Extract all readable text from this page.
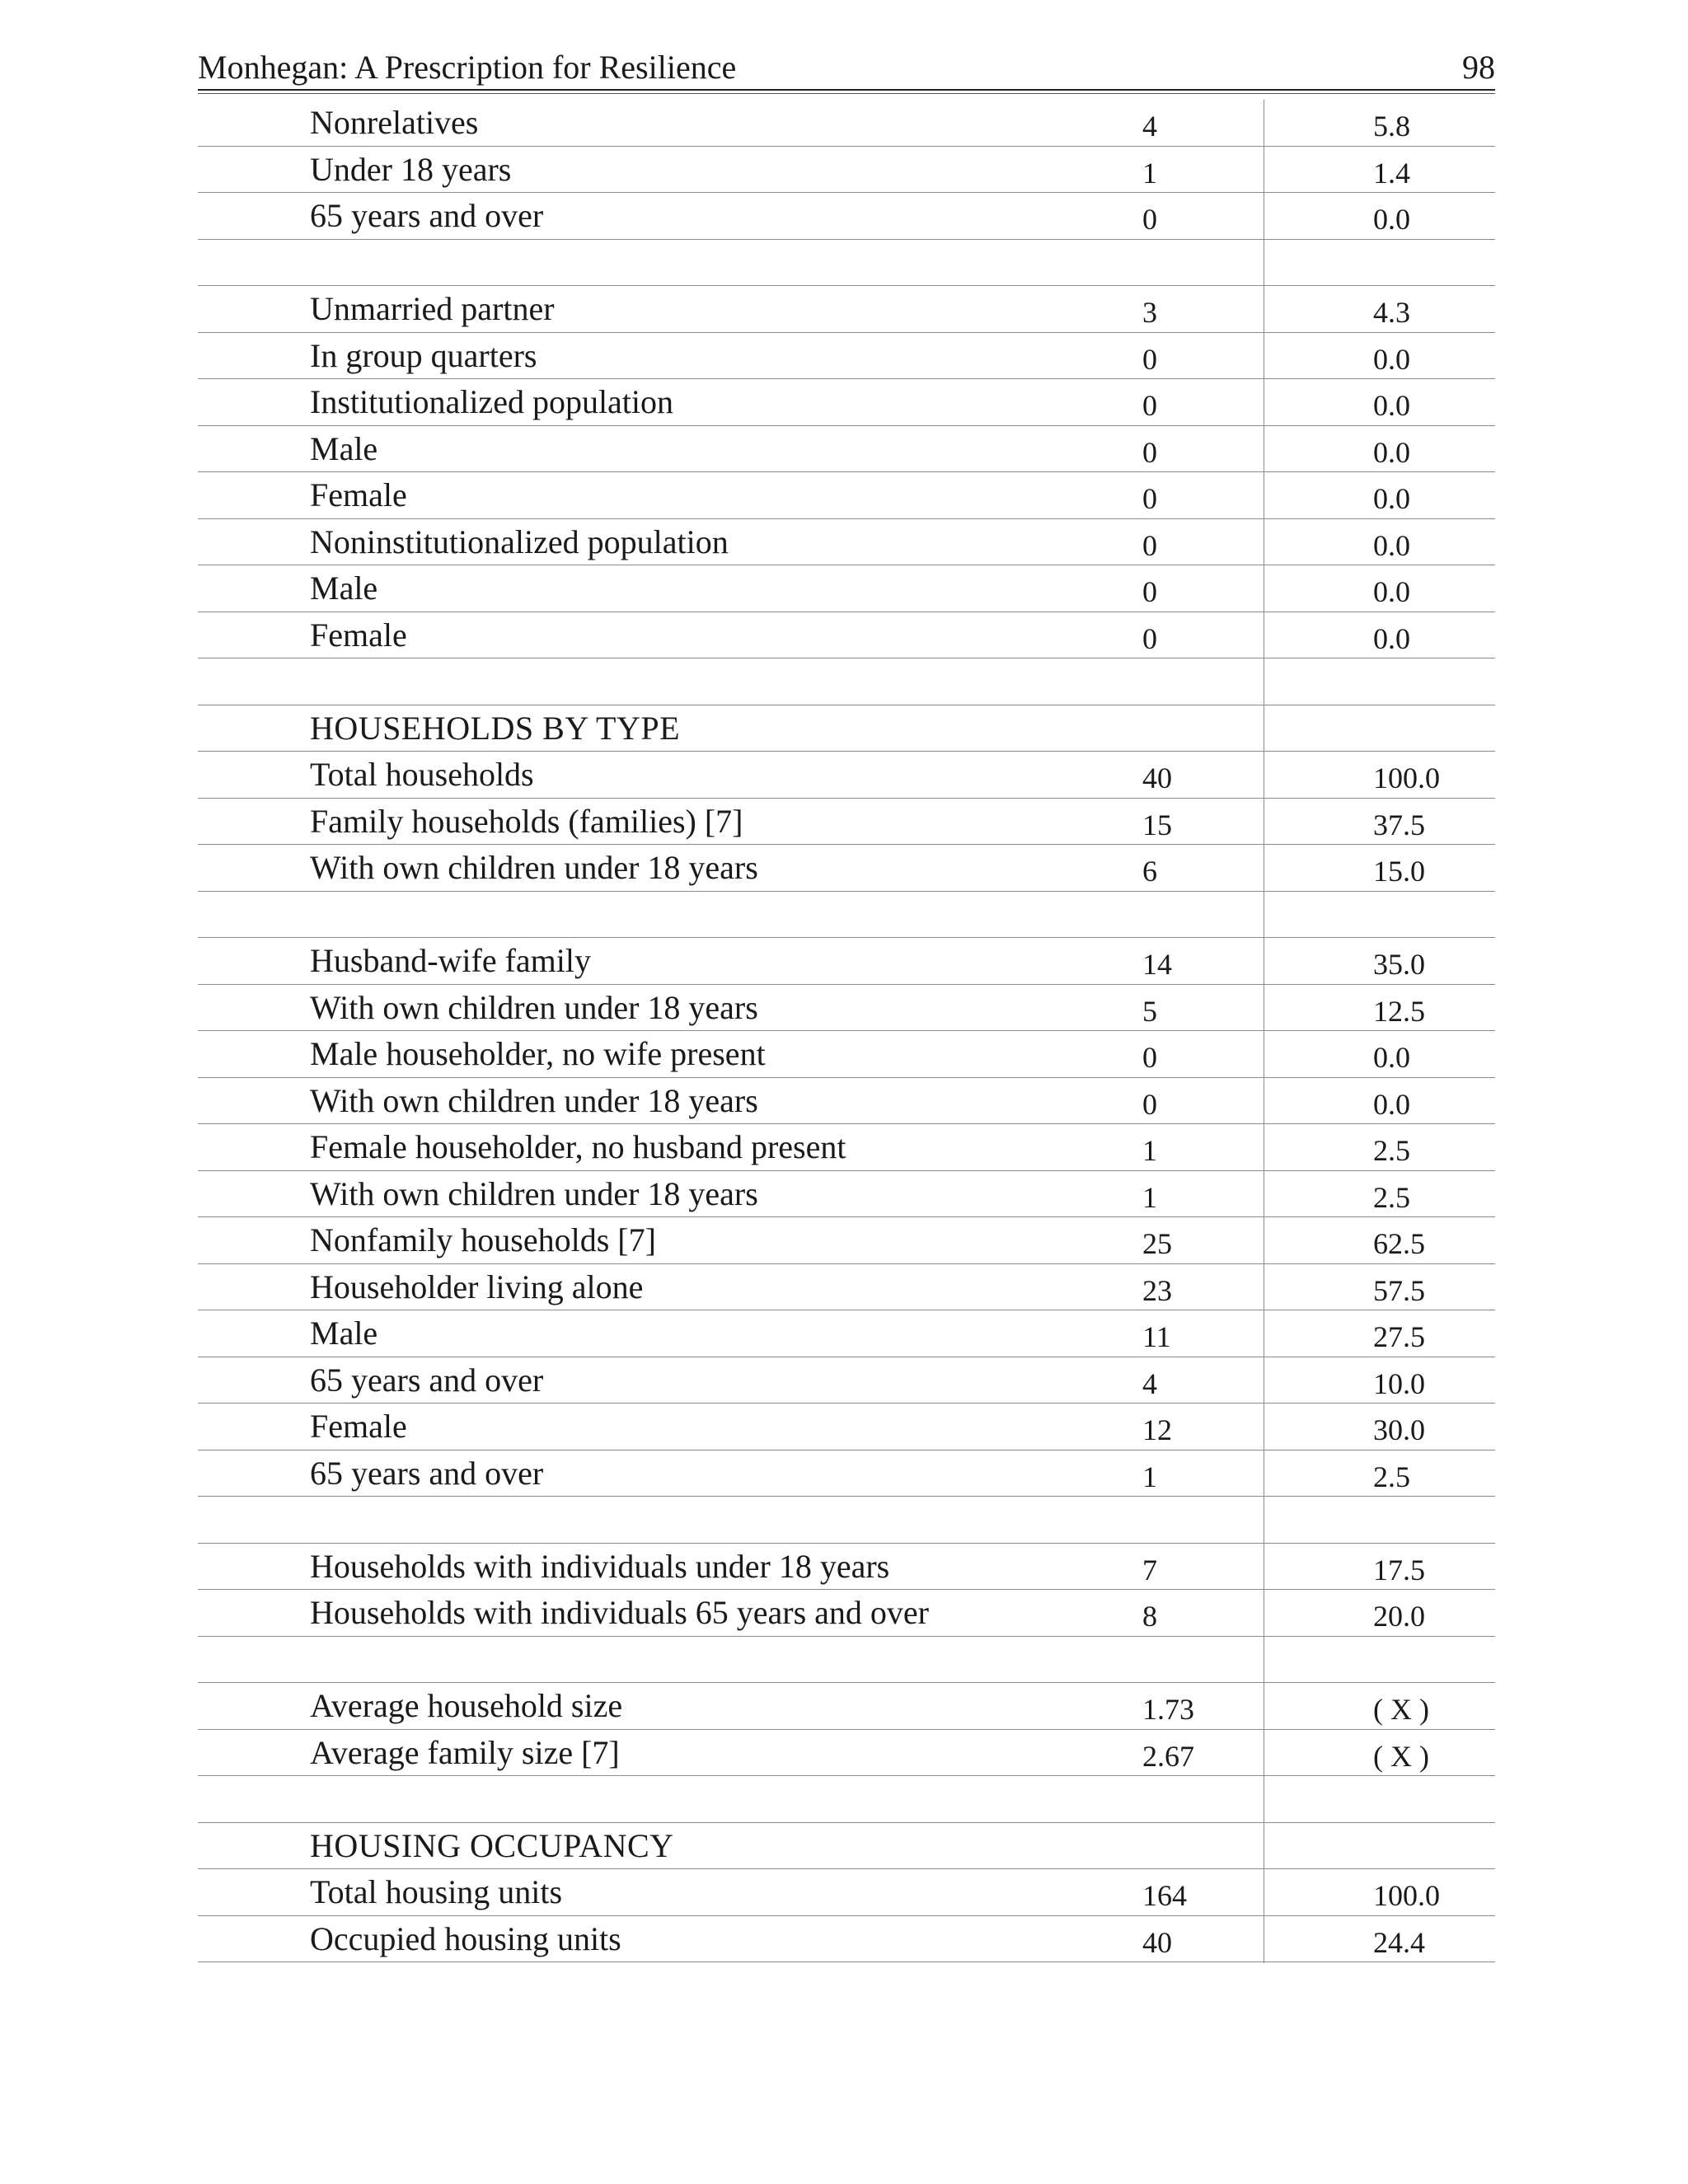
Monhegan: A Prescription for Resilience	98
Nonrelatives	4	5.8
Under 18 years	1	1.4
65 years and over	0	0.0
Unmarried partner	3	4.3
In group quarters	0	0.0
Institutionalized population	0	0.0
Male	0	0.0
Female	0	0.0
Noninstitutionalized population	0	0.0
Male	0	0.0
Female	0	0.0
HOUSEHOLDS BY TYPE
Total households	40	100.0
Family households (families) [7]	15	37.5
With own children under 18 years	6	15.0
Husband-wife family	14	35.0
With own children under 18 years	5	12.5
Male householder, no wife present	0	0.0
With own children under 18 years	0	0.0
Female householder, no husband present	1	2.5
With own children under 18 years	1	2.5
Nonfamily households [7]	25	62.5
Householder living alone	23	57.5
Male	11	27.5
65 years and over	4	10.0
Female	12	30.0
65 years and over	1	2.5
Households with individuals under 18 years	7	17.5
Households with individuals 65 years and over	8	20.0
Average household size	1.73	( X )
Average family size [7]	2.67	( X )
HOUSING OCCUPANCY
Total housing units	164	100.0
Occupied housing units	40	24.4
